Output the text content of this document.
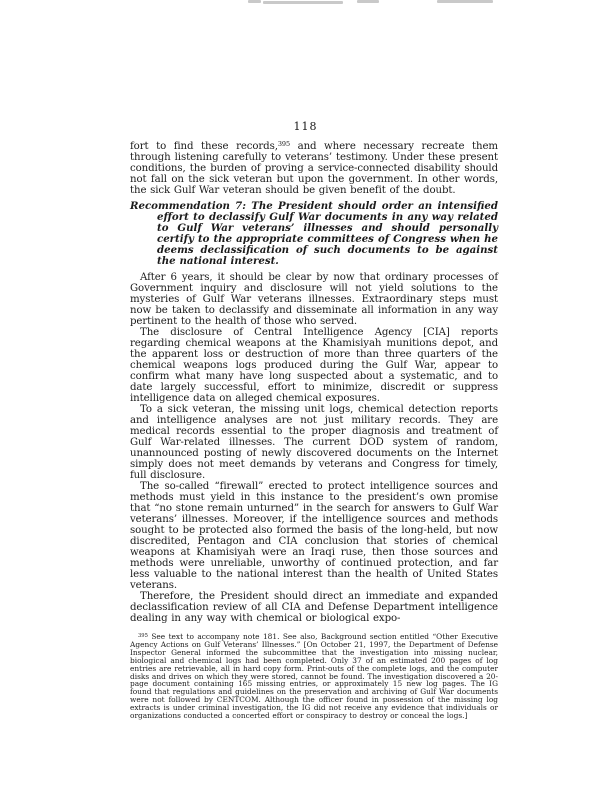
118

fort to find these records,$^{395}$ and where necessary recreate them through listening carefully to veterans’ testimony. Under these present conditions, the burden of proving a service-connected disability should not fall on the sick veteran but upon the government. In other words, the sick Gulf War veteran should be given benefit of the doubt.

Recommendation 7: The President should order an intensified effort to declassify Gulf War documents in any way related to Gulf War veterans’ illnesses and should personally certify to the appropriate committees of Congress when he deems declassification of such documents to be against the national interest.

After 6 years, it should be clear by now that ordinary processes of Government inquiry and disclosure will not yield solutions to the mysteries of Gulf War veterans illnesses. Extraordinary steps must now be taken to declassify and disseminate all information in any way pertinent to the health of those who served.

The disclosure of Central Intelligence Agency [CIA] reports regarding chemical weapons at the Khamisiyah munitions depot, and the apparent loss or destruction of more than three quarters of the chemical weapons logs produced during the Gulf War, appear to confirm what many have long suspected about a systematic, and to date largely successful, effort to minimize, discredit or suppress intelligence data on alleged chemical exposures.

To a sick veteran, the missing unit logs, chemical detection reports and intelligence analyses are not just military records. They are medical records essential to the proper diagnosis and treatment of Gulf War-related illnesses. The current DOD system of random, unannounced posting of newly discovered documents on the Internet simply does not meet demands by veterans and Congress for timely, full disclosure.

The so-called “firewall” erected to protect intelligence sources and methods must yield in this instance to the president’s own promise that “no stone remain unturned” in the search for answers to Gulf War veterans’ illnesses. Moreover, if the intelligence sources and methods sought to be protected also formed the basis of the long-held, but now discredited, Pentagon and CIA conclusion that stories of chemical weapons at Khamisiyah were an Iraqi ruse, then those sources and methods were unreliable, unworthy of continued protection, and far less valuable to the national interest than the health of United States veterans.

Therefore, the President should direct an immediate and expanded declassification review of all CIA and Defense Department intelligence dealing in any way with chemical or biological expo-

$^{395}$ See text to accompany note 181. See also, Background section entitled “Other Executive Agency Actions on Gulf Veterans’ Illnesses.” [On October 21, 1997, the Department of Defense Inspector General informed the subcommittee that the investigation into missing nuclear, biological and chemical logs had been completed. Only 37 of an estimated 200 pages of log entries are retrievable, all in hard copy form. Print-outs of the complete logs, and the computer disks and drives on which they were stored, cannot be found. The investigation discovered a 20-page document containing 165 missing entries, or approximately 15 new log pages. The IG found that regulations and guidelines on the preservation and archiving of Gulf War documents were not followed by CENTCOM. Although the officer found in possession of the missing log extracts is under criminal investigation, the IG did not receive any evidence that individuals or organizations conducted a concerted effort or conspiracy to destroy or conceal the logs.]
